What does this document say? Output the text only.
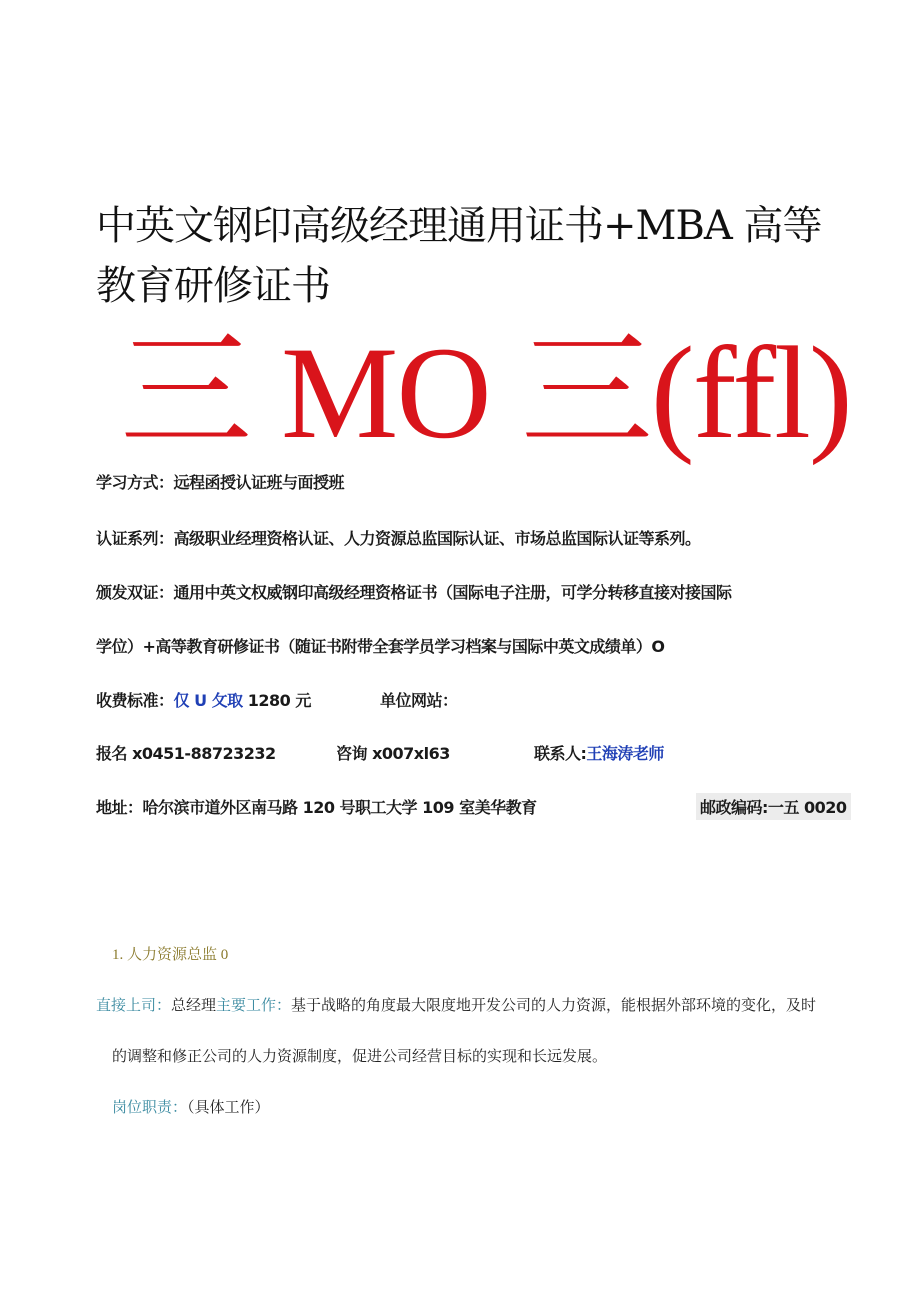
中英文钢印高级经理通用证书+MBA 高等教育研修证书
三 MO 三(ffl)
学习方式：远程函授认证班与面授班
认证系列：高级职业经理资格认证、人力资源总监国际认证、市场总监国际认证等系列。
颁发双证：通用中英文权威钢印高级经理资格证书（国际电子注册，可学分转移直接对接国际
学位）+高等教育研修证书（随证书附带全套学员学习档案与国际中英文成绩单）O
收费标准：仅 U 攵取 1280 元	单位网站：
报名 x0451-88723232	咨询 x007xl63	联系人:王海涛老师
地址：哈尔滨市道外区南马路 120 号职工大学 109 室美华教育	邮政编码:一五 0020
1. 人力资源总监 0
直接上司：总经理主要工作：基于战略的角度最大限度地开发公司的人力资源，能根据外部环境的变化，及时
的调整和修正公司的人力资源制度，促进公司经营目标的实现和长远发展。
岗位职责：（具体工作）
